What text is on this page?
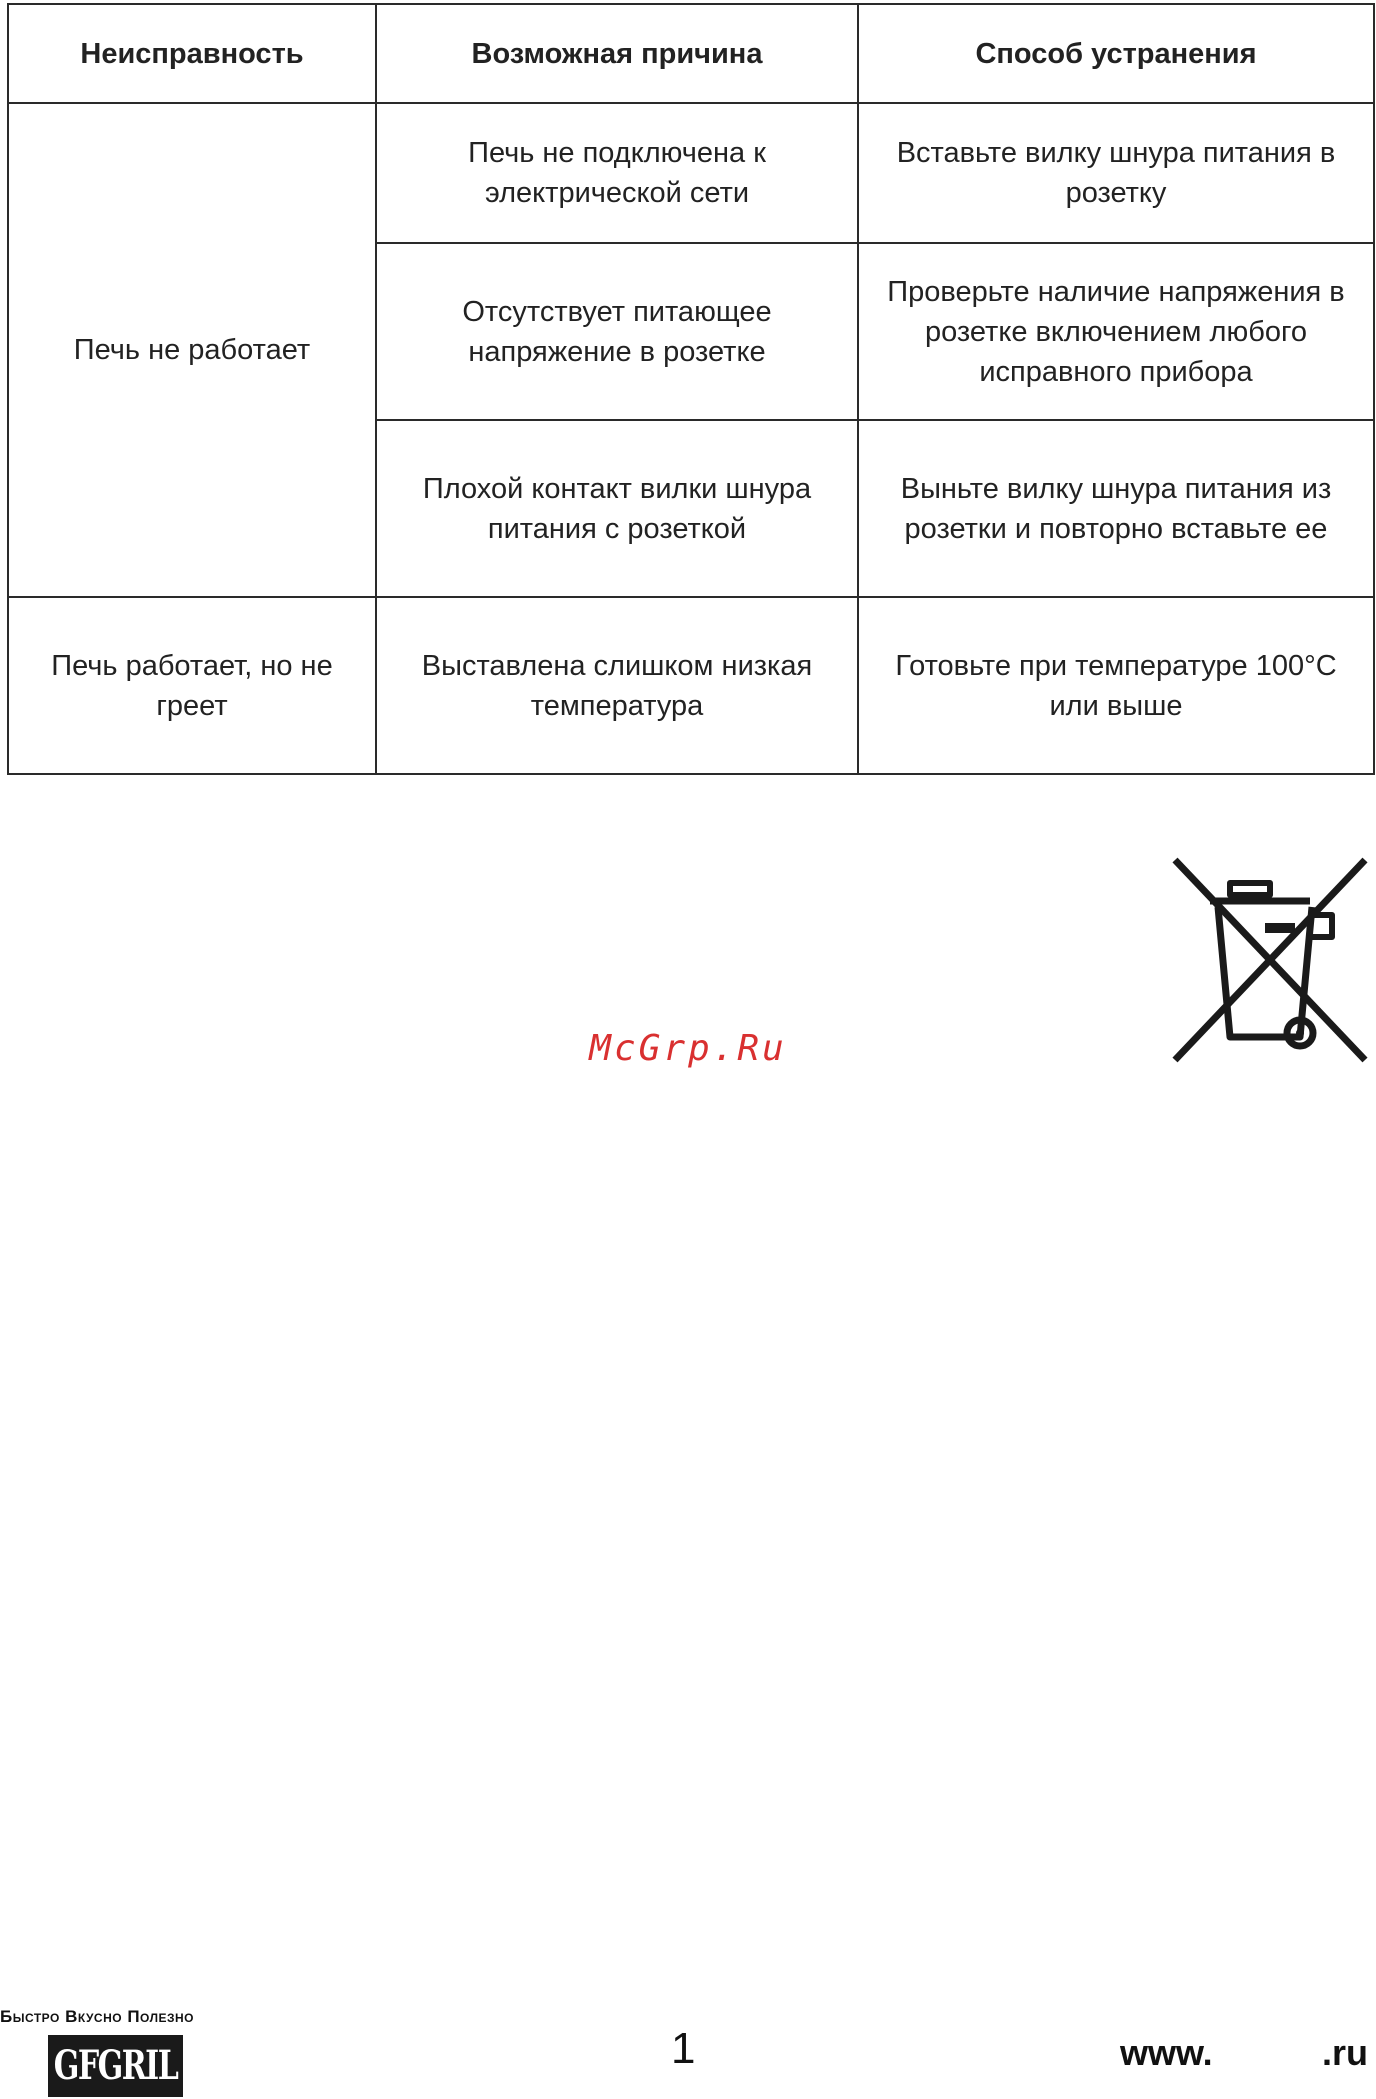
Неисправность	Возможная причина	Способ устранения
Печь не работает	Печь не подключена к электрической сети	Вставьте вилку шнура питания в розетку
	Отсутствует питающее напряжение в розетке	Проверьте наличие напряжения в розетке включением любого исправного прибора
	Плохой контакт вилки шнура питания с розеткой	Выньте вилку шнура питания из розетки и повторно вставьте ее
Печь работает, но не греет	Выставлена слишком низкая температура	Готовьте при температуре 100°C или выше
McGrp.Ru
Быстро Вкусно Полезно
GFGRIL	1	www.	.ru
